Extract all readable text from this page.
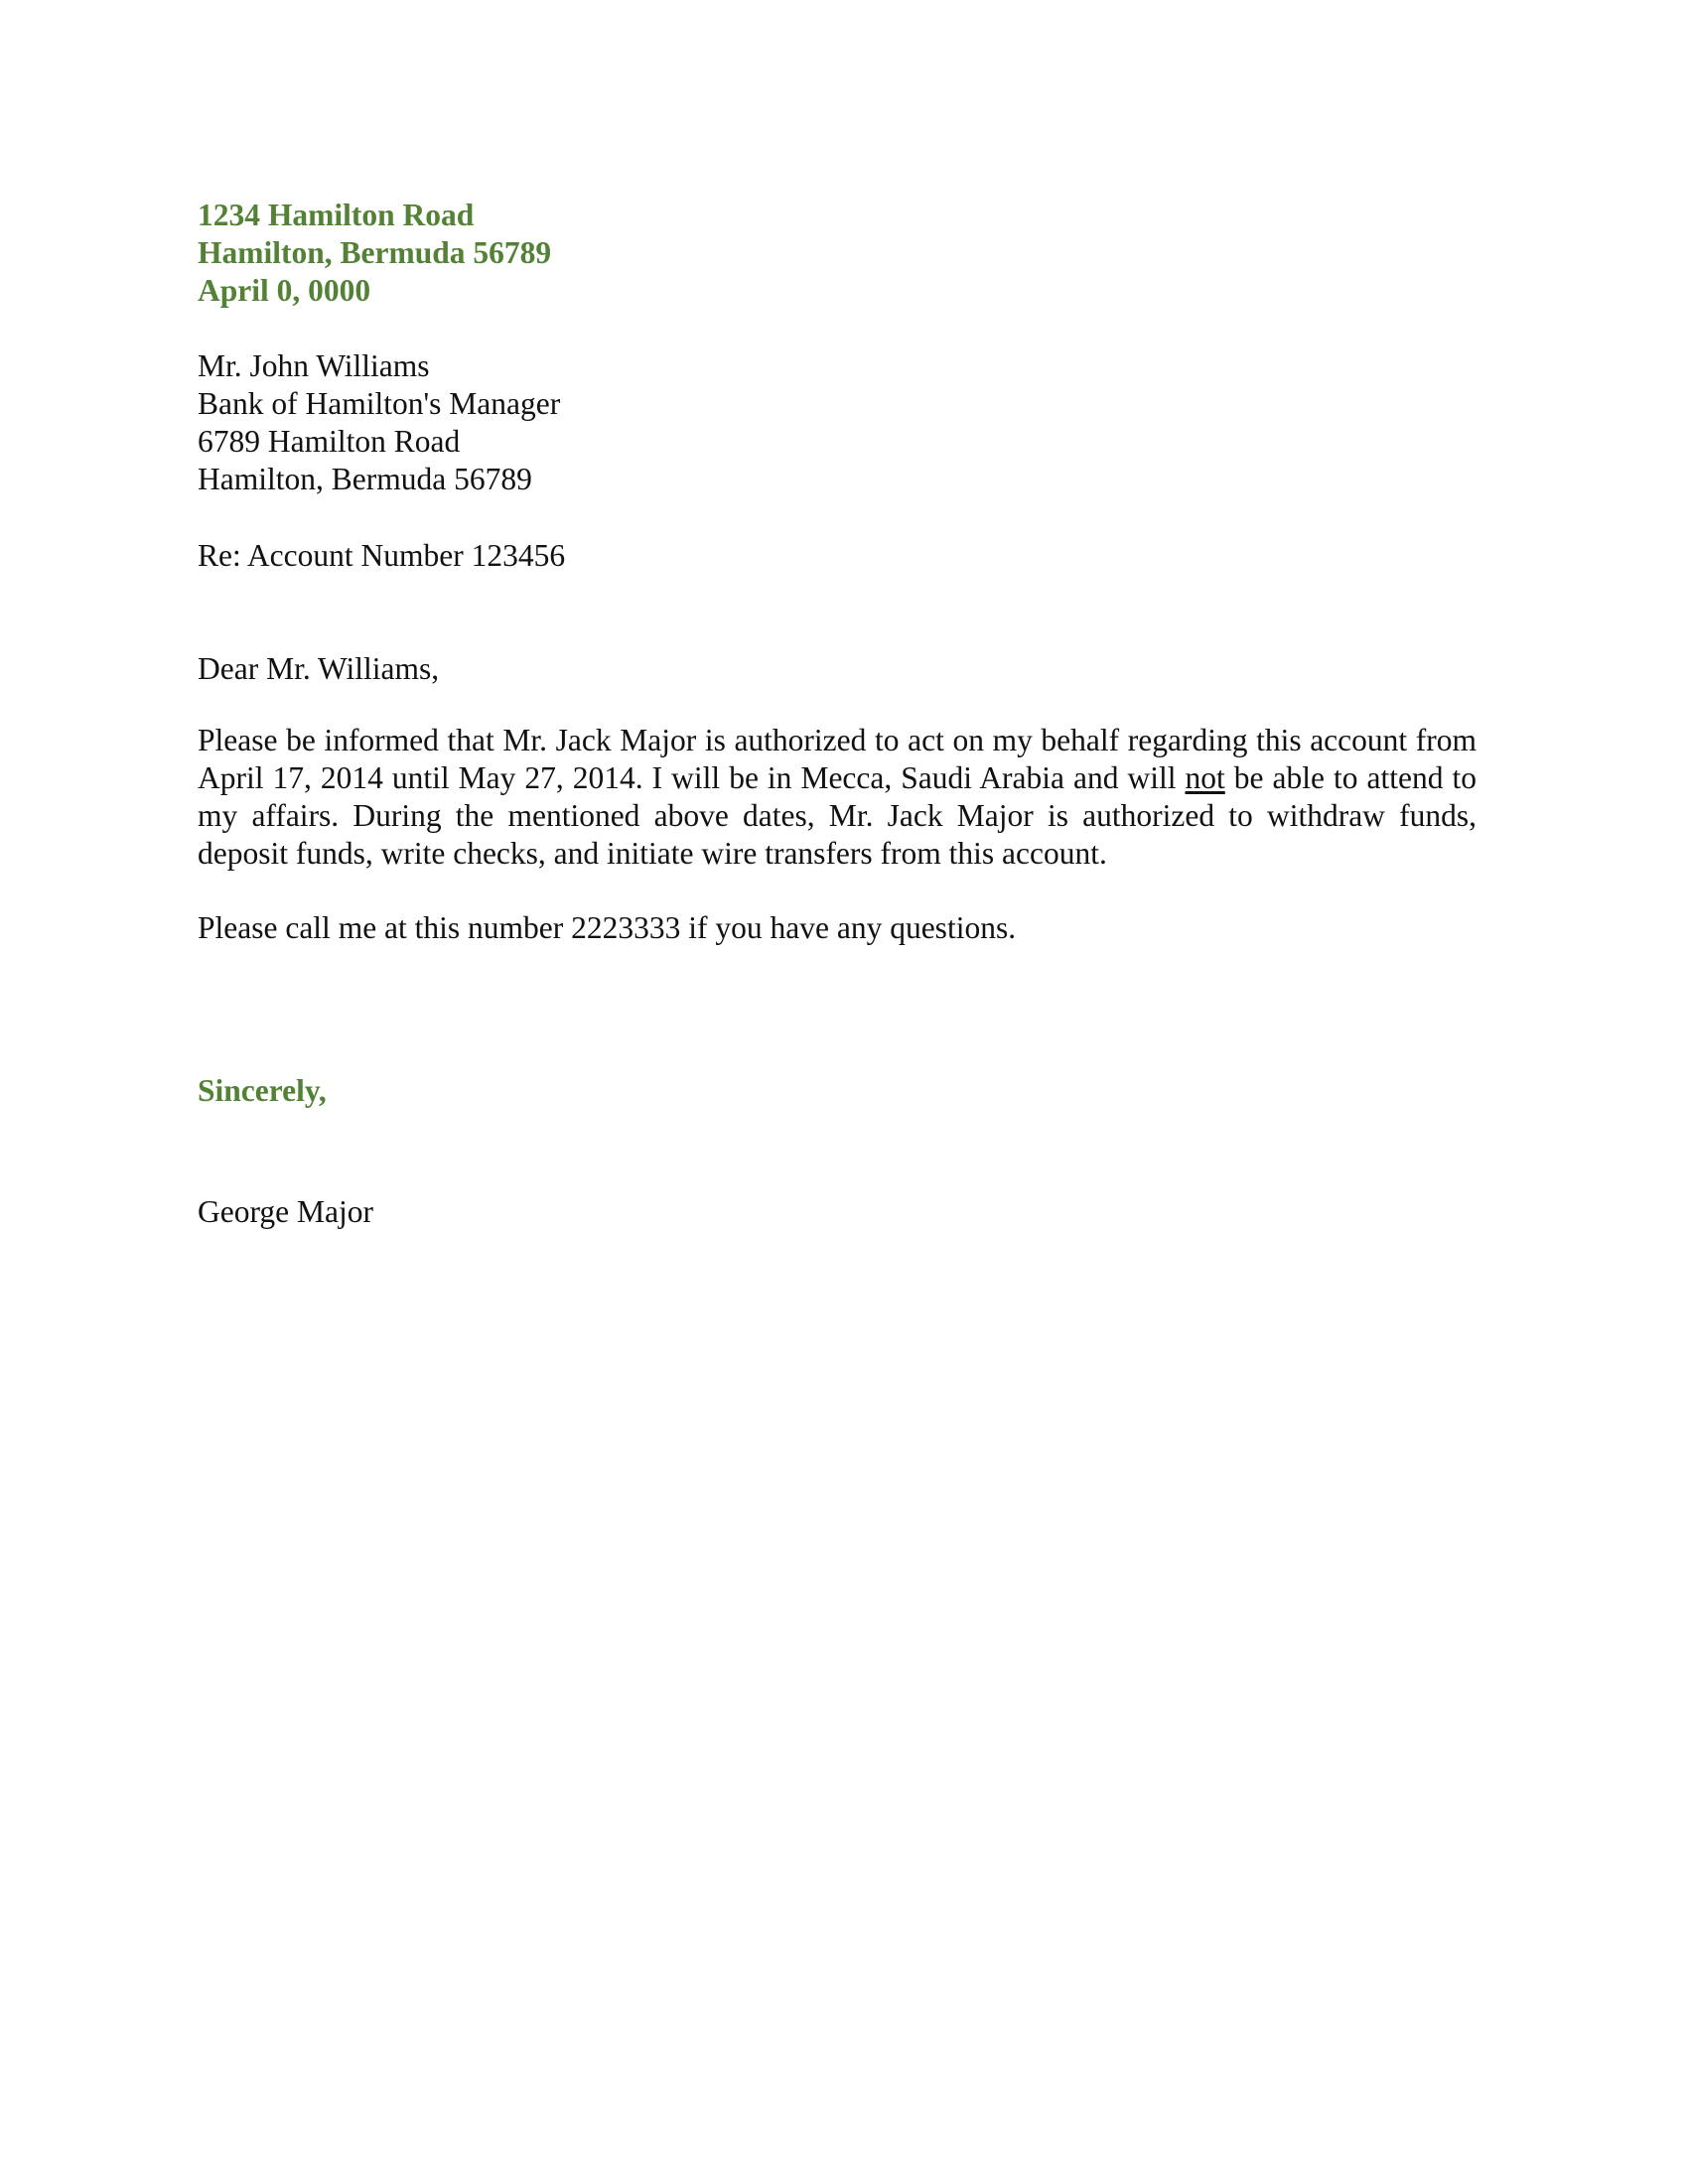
1234 Hamilton Road
Hamilton, Bermuda 56789
April 0, 0000
Mr. John Williams
Bank of Hamilton's Manager
6789 Hamilton Road
Hamilton, Bermuda 56789
Re: Account Number 123456
Dear Mr. Williams,
Please be informed that Mr. Jack Major is authorized to act on my behalf regarding this account from April 17, 2014 until May 27, 2014. I will be in Mecca, Saudi Arabia and will not be able to attend to my affairs. During the mentioned above dates, Mr. Jack Major is authorized to withdraw funds, deposit funds, write checks, and initiate wire transfers from this account.
Please call me at this number 2223333 if you have any questions.
Sincerely,
George Major
